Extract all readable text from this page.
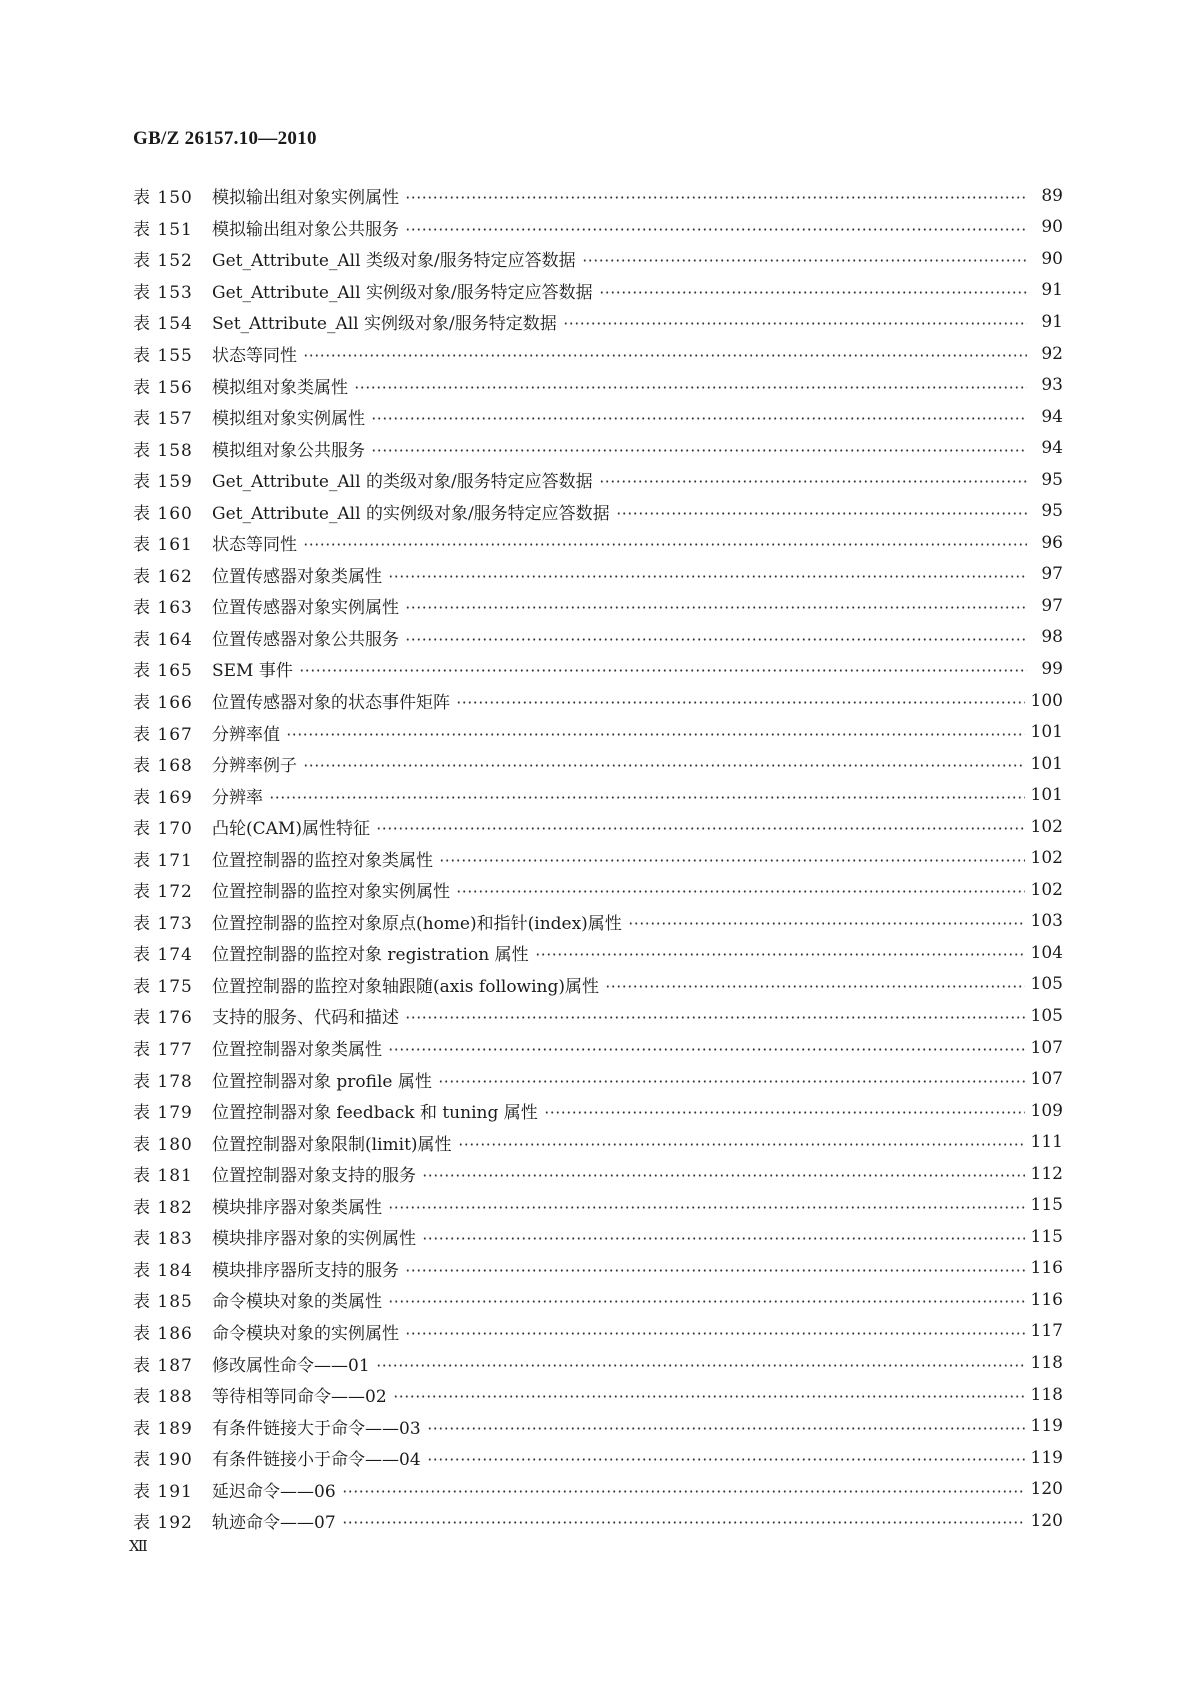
GB/Z 26157.10—2010
表 150	模拟输出组对象实例属性	89
表 151	模拟输出组对象公共服务	90
表 152	Get_Attribute_All 类级对象/服务特定应答数据	90
表 153	Get_Attribute_All 实例级对象/服务特定应答数据	91
表 154	Set_Attribute_All 实例级对象/服务特定数据	91
表 155	状态等同性	92
表 156	模拟组对象类属性	93
表 157	模拟组对象实例属性	94
表 158	模拟组对象公共服务	94
表 159	Get_Attribute_All 的类级对象/服务特定应答数据	95
表 160	Get_Attribute_All 的实例级对象/服务特定应答数据	95
表 161	状态等同性	96
表 162	位置传感器对象类属性	97
表 163	位置传感器对象实例属性	97
表 164	位置传感器对象公共服务	98
表 165	SEM 事件	99
表 166	位置传感器对象的状态事件矩阵	100
表 167	分辨率值	101
表 168	分辨率例子	101
表 169	分辨率	101
表 170	凸轮(CAM)属性特征	102
表 171	位置控制器的监控对象类属性	102
表 172	位置控制器的监控对象实例属性	102
表 173	位置控制器的监控对象原点(home)和指针(index)属性	103
表 174	位置控制器的监控对象 registration 属性	104
表 175	位置控制器的监控对象轴跟随(axis following)属性	105
表 176	支持的服务、代码和描述	105
表 177	位置控制器对象类属性	107
表 178	位置控制器对象 profile 属性	107
表 179	位置控制器对象 feedback 和 tuning 属性	109
表 180	位置控制器对象限制(limit)属性	111
表 181	位置控制器对象支持的服务	112
表 182	模块排序器对象类属性	115
表 183	模块排序器对象的实例属性	115
表 184	模块排序器所支持的服务	116
表 185	命令模块对象的类属性	116
表 186	命令模块对象的实例属性	117
表 187	修改属性命令——01	118
表 188	等待相等同命令——02	118
表 189	有条件链接大于命令——03	119
表 190	有条件链接小于命令——04	119
表 191	延迟命令——06	120
表 192	轨迹命令——07	120
Ⅻ
